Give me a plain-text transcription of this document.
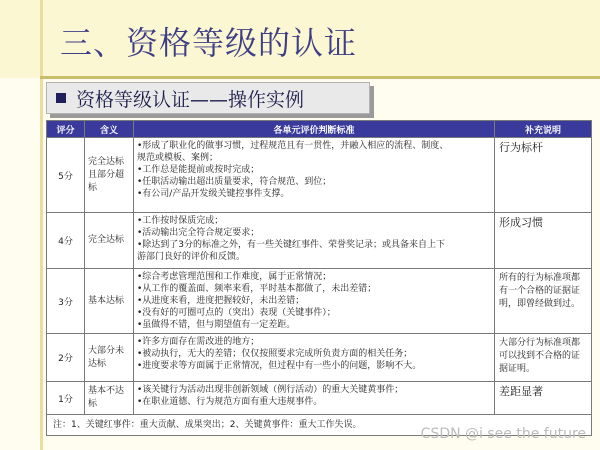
三、资格等级的认证
资格等级认证——操作实例
评分	含义	各单元评价判断标准	补充说明
5分	完全达标且部分超标	•形成了职业化的做事习惯，过程规范且有一贯性，并融入相应的流程、制度、

规范或模板、案例；

•工作总是能提前或按时完成；

•任职活动输出超出质量要求，符合规范、到位；

•有公司/产品开发级关键控事件支撑。	行为标杆
4分	完全达标	•工作按时保质完成；

•活动输出完全符合规定要求；

•除达到了3分的标准之外，有一些关键红事件、荣誉奖记录；或具备来自上下

游部门良好的评价和反馈。	形成习惯
3分	基本达标	•综合考虑管理范围和工作难度，属于正常情况；

•从工作的覆盖面、频率来看，平时基本都做了，未出差错；

•从进度来看，进度把握较好，未出差错；

•没有好的可圈可点的（突出）表现（关键事件）；

•虽做得不错，但与期望值有一定差距。	所有的行为标准项都有一个合格的证据证明，即曾经做到过。
2分	大部分未达标	•许多方面存在需改进的地方；

•被动执行，无大的差错；仅仅按照要求完成所负责方面的相关任务；

•进度要求等方面属于正常情况，但过程中有一些小的问题，影响不大。	大部分行为标准项都可以找到不合格的证据证明。
1分	基本不达标	•该关键行为活动出现非创新领域（例行活动）的重大关键黄事件；

•在职业道德、行为规范方面有重大违规事件。	差距显著
注：1、关键红事件：重大贡献、成果突出；2、关键黄事件：重大工作失误。			
CSDN @i see the future
